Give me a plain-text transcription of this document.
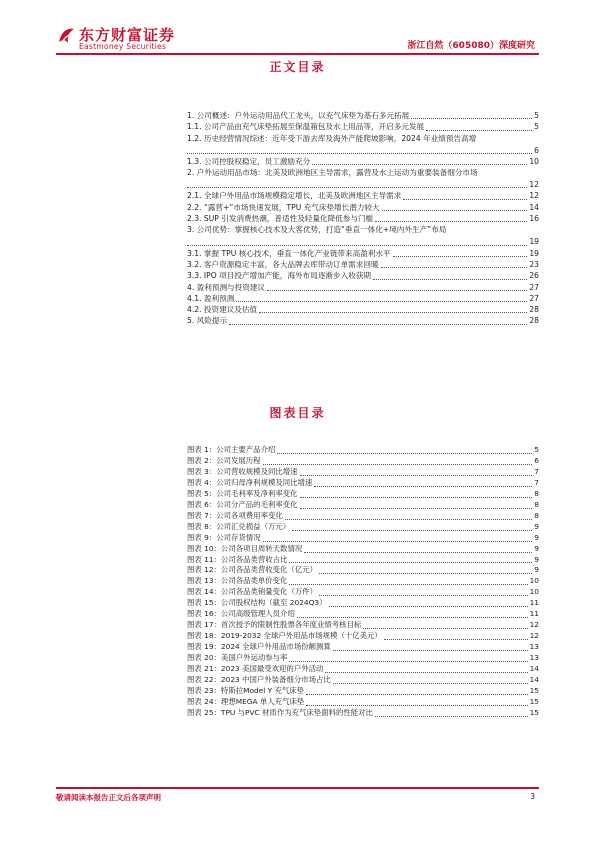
东方财富证券
Eastmoney Securities	浙江自然（605080）深度研究
正文目录
1. 公司概述：户外运动用品代工龙头，以充气床垫为基石多元拓展	5
1.1. 公司产品由充气床垫拓展至保温箱包及水上用品等，开启多元发展	5
1.2. 历史经营情况综述：近年受下游去库及海外产能爬坡影响，2024 年业绩预告高增
6
1.3. 公司控股权稳定，员工激励充分	10
2. 户外运动用品市场：北美及欧洲地区主导需求，露营及水上运动为重要装备细分市场
12
2.1. 全球户外用品市场规模稳定增长，北美及欧洲地区主导需求	12
2.2. “露营+”市场快速发展，TPU 充气床垫增长潜力较大	14
2.3. SUP 引发消费热潮，普适性及轻量化降低参与门槛	16
3. 公司优势：掌握核心技术及大客优势，打造“垂直一体化+境内外生产”布局
19
3.1. 掌握 TPU 核心技术，垂直一体化产业链带来高盈利水平	19
3.2. 客户资源稳定丰富，各大品牌去库带动订单需求回暖	23
3.3. IPO 项目投产增加产能，海外布局逐渐步入收获期	26
4. 盈利预测与投资建议	27
4.1. 盈利预测	27
4.2. 投资建议及估值	28
5. 风险提示	28
图表目录
图表 1：公司主要产品介绍	5
图表 2：公司发展历程	6
图表 3：公司营收规模及同比增速	7
图表 4：公司归母净利规模及同比增速	7
图表 5：公司毛利率及净利率变化	8
图表 6：公司分产品的毛利率变化	8
图表 7：公司各项费用率变化	8
图表 8：公司汇兑损益（万元）	9
图表 9：公司存货情况	9
图表 10：公司各项目周转天数情况	9
图表 11：公司各品类营收占比	9
图表 12：公司各品类营收变化（亿元）	9
图表 13：公司各品类单价变化	10
图表 14：公司各品类销量变化（万件）	10
图表 15：公司股权结构（截至 2024Q3）	11
图表 16：公司高级管理人员介绍	11
图表 17：首次授予的限制性股票各年度业绩考核目标	12
图表 18：2019-2032 全球户外用品市场规模（十亿美元）	12
图表 19：2024 全球户外用品市场份额测算	13
图表 20：美国户外运动参与率	13
图表 21：2023 美国最受欢迎的户外活动	14
图表 22：2023 中国户外装备细分市场占比	14
图表 23：特斯拉Model Y 充气床垫	15
图表 24：理想MEGA 单人充气床垫	15
图表 25：TPU 与PVC 材质作为充气床垫面料的性能对比	15
敬请阅读本报告正文后各项声明	3
